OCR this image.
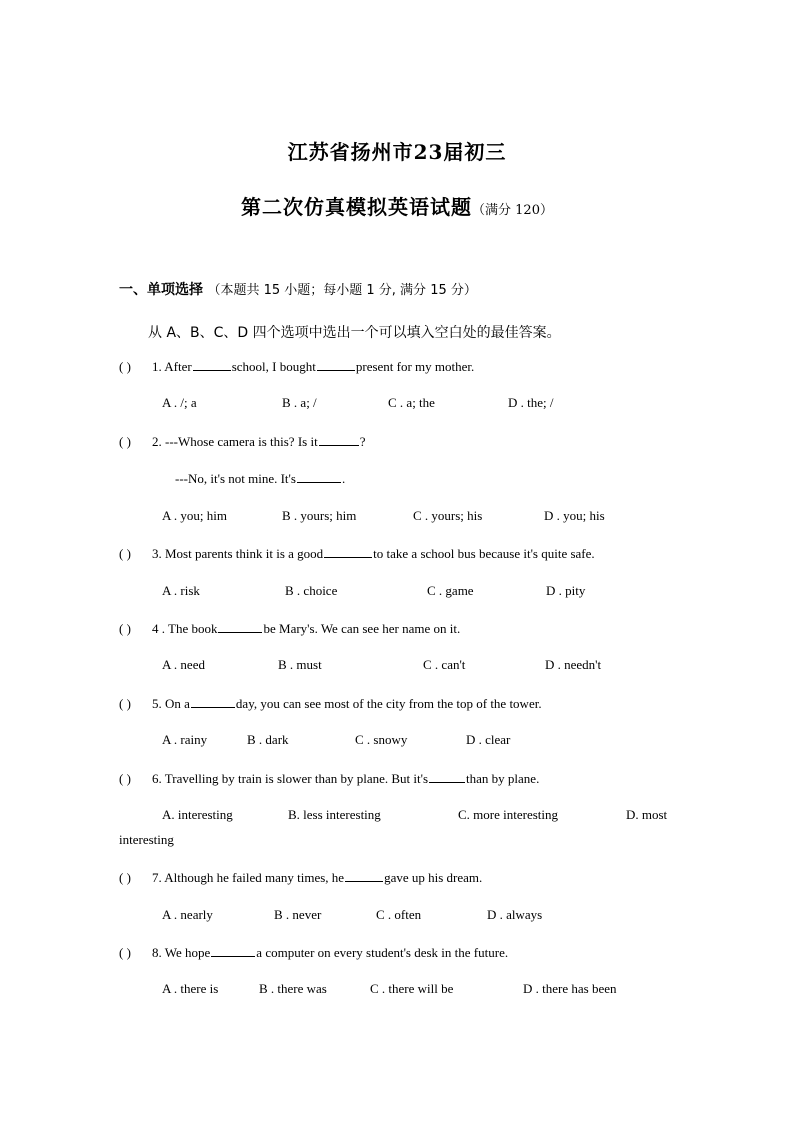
江苏省扬州市23届初三
第二次仿真模拟英语试题（满分 120）
一、单项选择 （本题共 15 小题；每小题 1 分, 满分 15 分）
从 A、B、C、D 四个选项中选出一个可以填入空白处的最佳答案。
( ) 1. After	school, I bought	present for my mother.
A . /; a	B . a; /	C . a; the	D . the; /
( ) 2. ---Whose camera is this? Is it	?
---No, it's not mine. It's	.
A . you; him	B . yours; him	C . yours; his	D . you; his
( ) 3. Most parents think it is a good	to take a school bus because it's quite safe.
A . risk	B . choice	C . game	D . pity
( ) 4 . The book	be Mary's. We can see her name on it.
A . need	B . must	C . can't	D . needn't
( ) 5. On a	day, you can see most of the city from the top of the tower.
A . rainy	B . dark	C . snowy	D . clear
( ) 6. Travelling by train is slower than by plane. But it's	than by plane.
A. interesting	B. less interesting	C. more interesting	D. most
interesting
( ) 7. Although he failed many times, he	gave up his dream.
A . nearly	B . never	C . often	D . always
( ) 8. We hope	a computer on every student's desk in the future.
A . there is	B . there was	C . there will be	D . there has been
